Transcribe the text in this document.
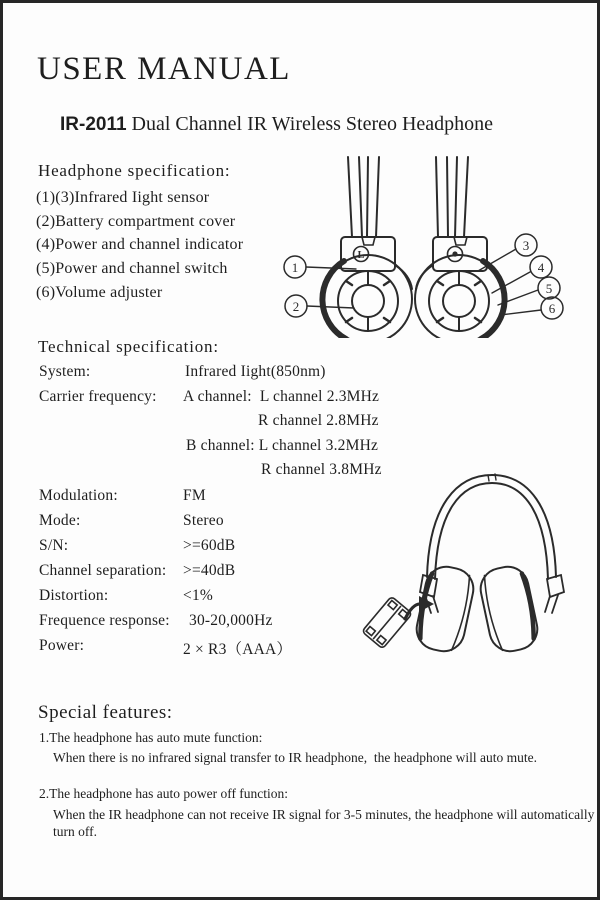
USER MANUAL
IR-2011 Dual Channel IR Wireless Stereo Headphone
Headphone specification:
(1)(3)Infrared Iight sensor
(2)Battery compartment cover
(4)Power and channel indicator
(5)Power and channel switch
(6)Volume adjuster
L
1
2
3
4
5
6
Technical specification:
System:	Infrared Iight(850nm)
Carrier frequency: A channel:  L channel 2.3MHz
R channel 2.8MHz
B channel: L channel 3.2MHz
R channel 3.8MHz
Modulation:	FM
Mode:	Stereo
S/N:	>=60dB
Channel separation: >=40dB
Distortion:	<1%
Frequence response: 30-20,000Hz
Power:	2 × R3（AAA）
Special features:
1.The headphone has auto mute function:
When there is no infrared signal transfer to IR headphone,  the headphone will auto mute.
2.The headphone has auto power off function:
When the IR headphone can not receive IR signal for 3-5 minutes, the headphone will automatically
turn off.
